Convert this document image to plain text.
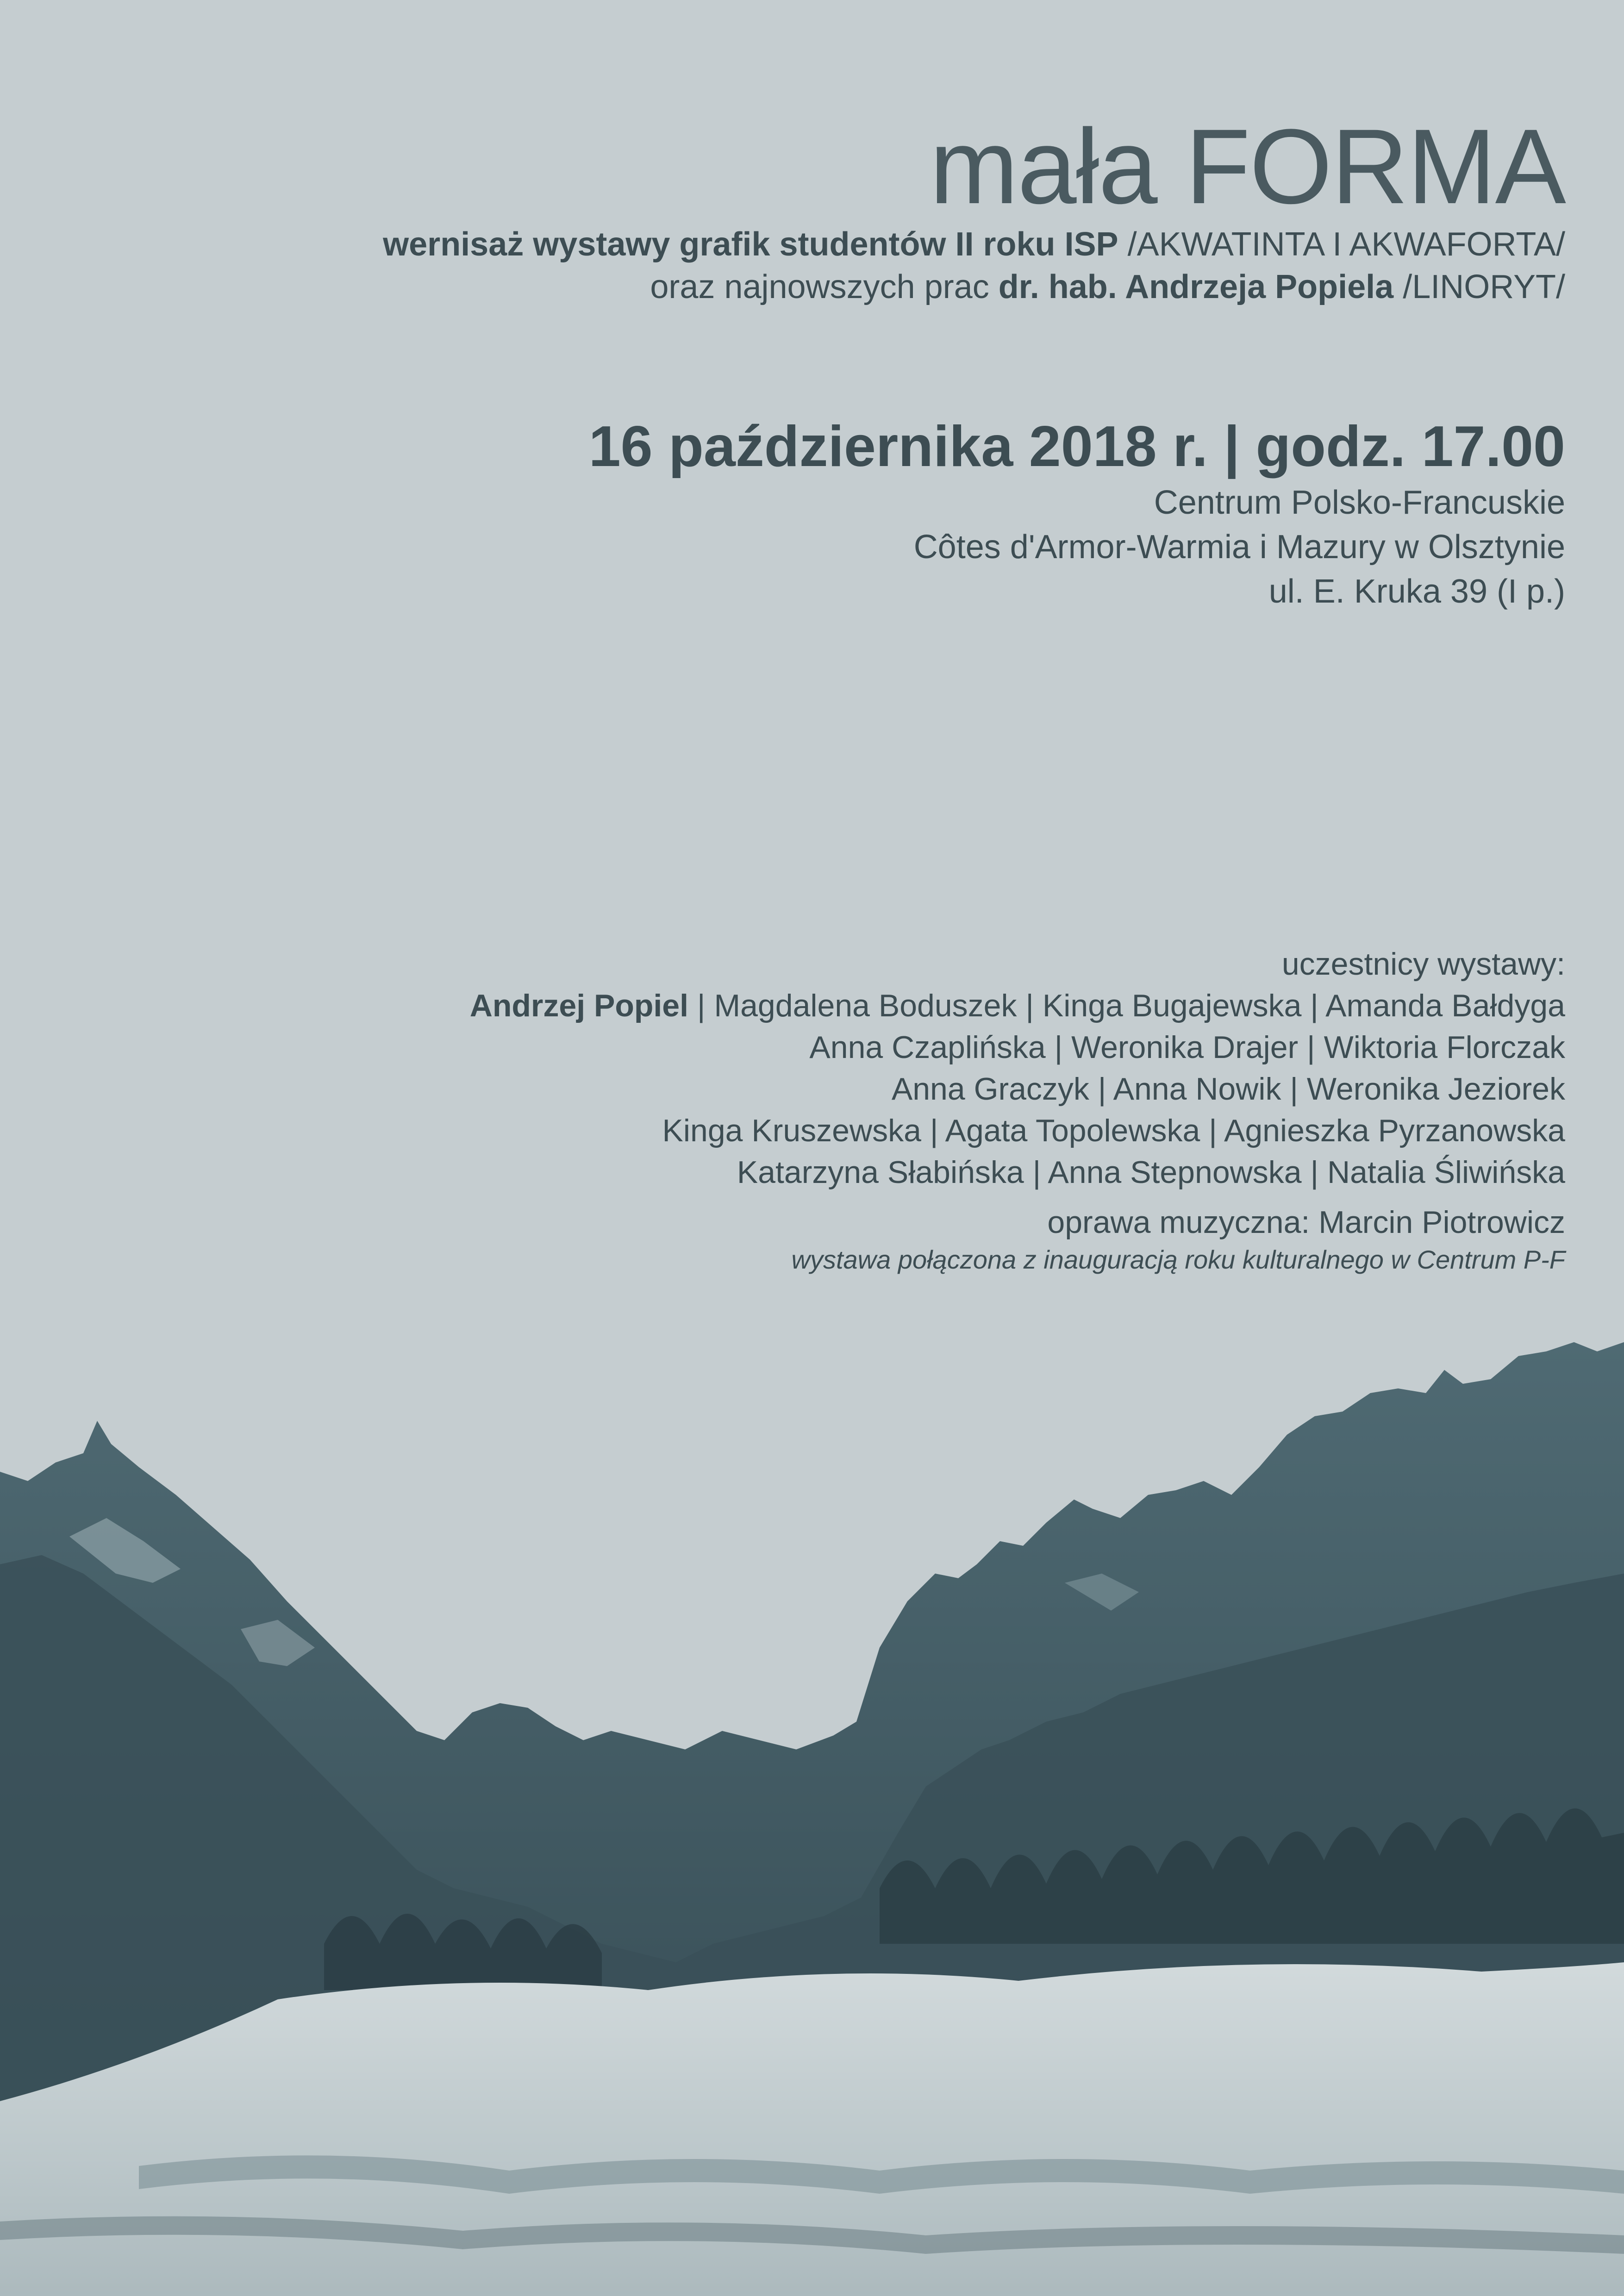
mała FORMA
wernisaż wystawy grafik studentów II roku ISP /AKWATINTA I AKWAFORTA/
oraz najnowszych prac dr. hab. Andrzeja Popiela /LINORYT/
16 października 2018 r. | godz. 17.00
Centrum Polsko-Francuskie
Côtes d'Armor-Warmia i Mazury w Olsztynie
ul. E. Kruka 39 (I p.)
uczestnicy wystawy:
Andrzej Popiel | Magdalena Boduszek | Kinga Bugajewska | Amanda Bałdyga
Anna Czaplińska | Weronika Drajer | Wiktoria Florczak
Anna Graczyk | Anna Nowik | Weronika Jeziorek
Kinga Kruszewska | Agata Topolewska | Agnieszka Pyrzanowska
Katarzyna Słabińska | Anna Stepnowska | Natalia Śliwińska
oprawa muzyczna: Marcin Piotrowicz
wystawa połączona z inauguracją roku kulturalnego w Centrum P-F
